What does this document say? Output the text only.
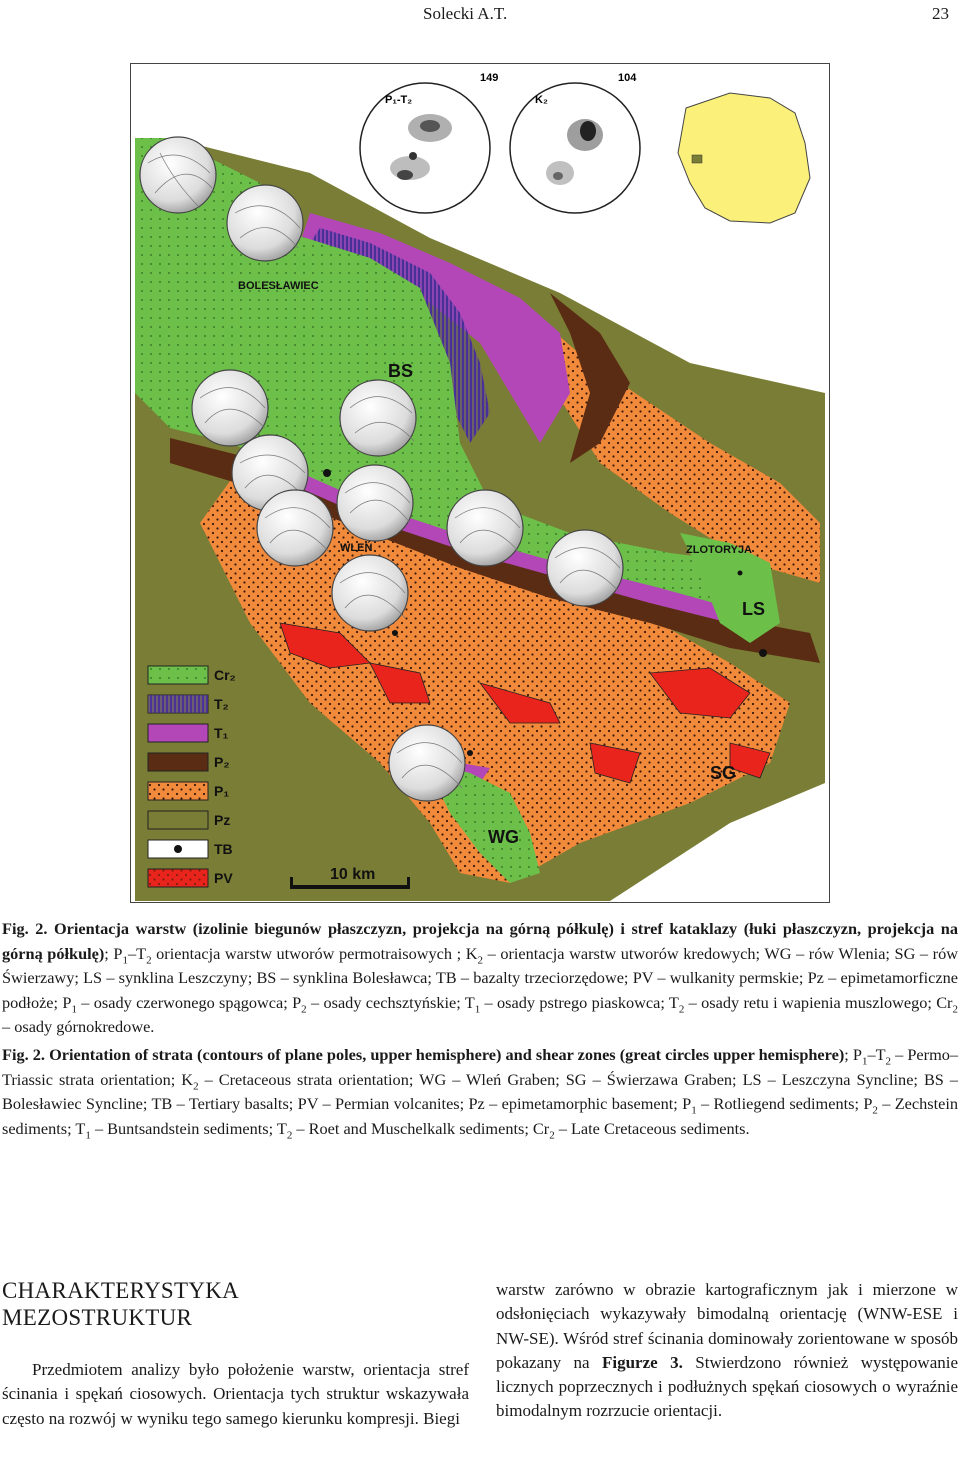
Solecki A.T.	23
P₁-T₂
149
K₂
104
BOLESŁAWIEC
BS
WLEŃ	ZLOTORYJA
LS
SG
WG
Cr₂
T₂
T₁
P₂
P₁
Pz
TB
PV	10 km
Fig. 2. Orientacja warstw (izolinie biegunów płaszczyzn, projekcja na górną półkulę) i stref kataklazy (łuki płaszczyzn, projekcja na górną półkulę); $P_1-T_2$ orientacja warstw utworów permotraisowych ; $K_2$ – orientacja warstw utworów kredowych; WG – rów Wlenia; SG – rów Świerzawy; LS – synklina Leszczyny; BS – synklina Bolesławca; TB – bazalty trzeciorzędowe; PV – wulkanity permskie; Pz – epimetamorficzne podłoże; $P_1$ – osady czerwonego spągowca; $P_2$ – osady cechsztyńskie; $T_1$ – osady pstrego piaskowca; $T_2$ – osady retu i wapienia muszlowego; $Cr_2$ – osady górnokredowe.
Fig. 2. Orientation of strata (contours of plane poles, upper hemisphere) and shear zones (great circles upper hemisphere); $P_1-T_2$ – Permo–Triassic strata orientation; $K_2$ – Cretaceous strata orientation; WG – Wleń Graben; SG – Świerzawa Graben; LS – Leszczyna Syncline; BS – Bolesławiec Syncline; TB – Tertiary basalts; PV – Permian volcanites; Pz – epimetamorphic basement; $P_1$ – Rotliegend sediments; $P_2$ – Zechstein sediments; $T_1$ – Buntsandstein sediments; $T_2$ – Roet and Muschelkalk sediments; $Cr_2$ – Late Cretaceous sediments.
CHARAKTERYSTYKA
MEZOSTRUKTUR
Przedmiotem analizy było położenie warstw, orientacja stref ścinania i spękań ciosowych. Orientacja tych struktur wskazywała często na rozwój w wyniku tego samego kierunku kompresji. Biegi
warstw zarówno w obrazie kartograficznym jak i mierzone w odsłonięciach wykazywały bimodalną orientację (WNW-ESE i NW-SE). Wśród stref ścinania dominowały zorientowane w sposób pokazany na Figurze 3. Stwierdzono również występowanie licznych poprzecznych i podłużnych spękań ciosowych o wyraźnie bimodalnym rozrzucie orientacji.
